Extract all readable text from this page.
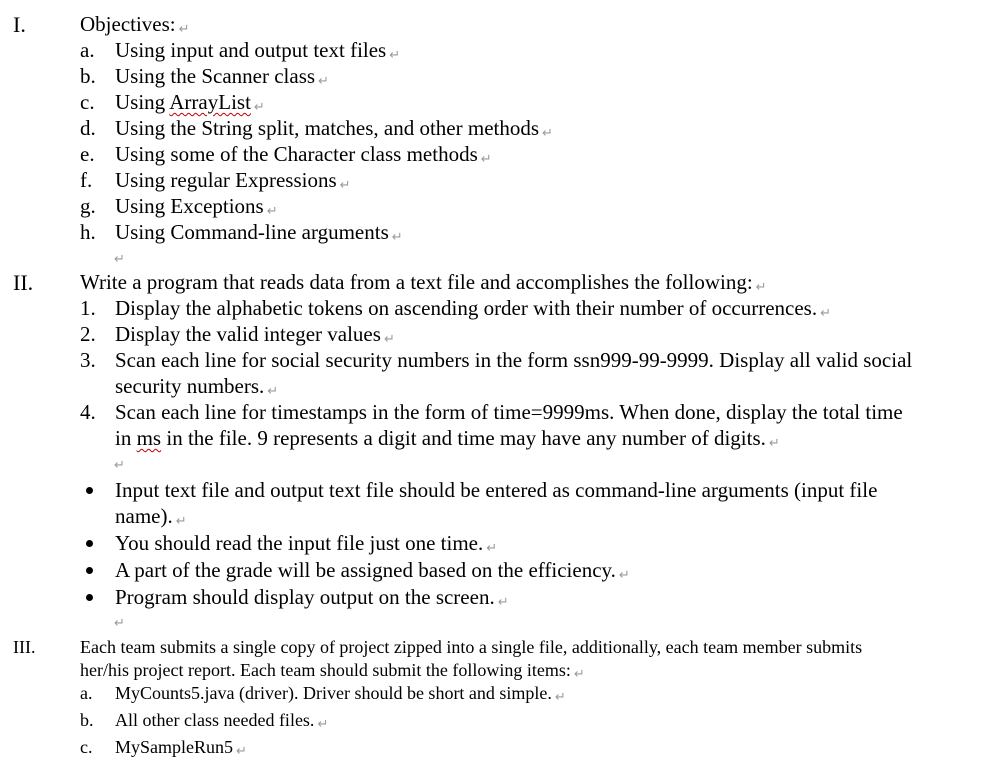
I.	Objectives: ↵
a. Using input and output text files ↵
b. Using the Scanner class ↵
c. Using ArrayList ↵
d. Using the String split, matches, and other methods ↵
e. Using some of the Character class methods ↵
f. Using regular Expressions ↵
g. Using Exceptions ↵
h. Using Command-line arguments ↵
↵
II. Write a program that reads data from a text file and accomplishes the following: ↵
1. Display the alphabetic tokens on ascending order with their number of occurrences. ↵
2. Display the valid integer values ↵
3. Scan each line for social security numbers in the form ssn999-99-9999. Display all valid social
security numbers. ↵
4. Scan each line for timestamps in the form of time=9999ms. When done, display the total time
in ms in the file. 9 represents a digit and time may have any number of digits. ↵
↵
Input text file and output text file should be entered as command-line arguments (input file
name). ↵
You should read the input file just one time. ↵
A part of the grade will be assigned based on the efficiency. ↵
Program should display output on the screen. ↵
↵
III. Each team submits a single copy of project zipped into a single file, additionally, each team member submits
her/his project report. Each team should submit the following items: ↵
a. MyCounts5.java (driver). Driver should be short and simple. ↵
b. All other class needed files. ↵
c. MySampleRun5 ↵
